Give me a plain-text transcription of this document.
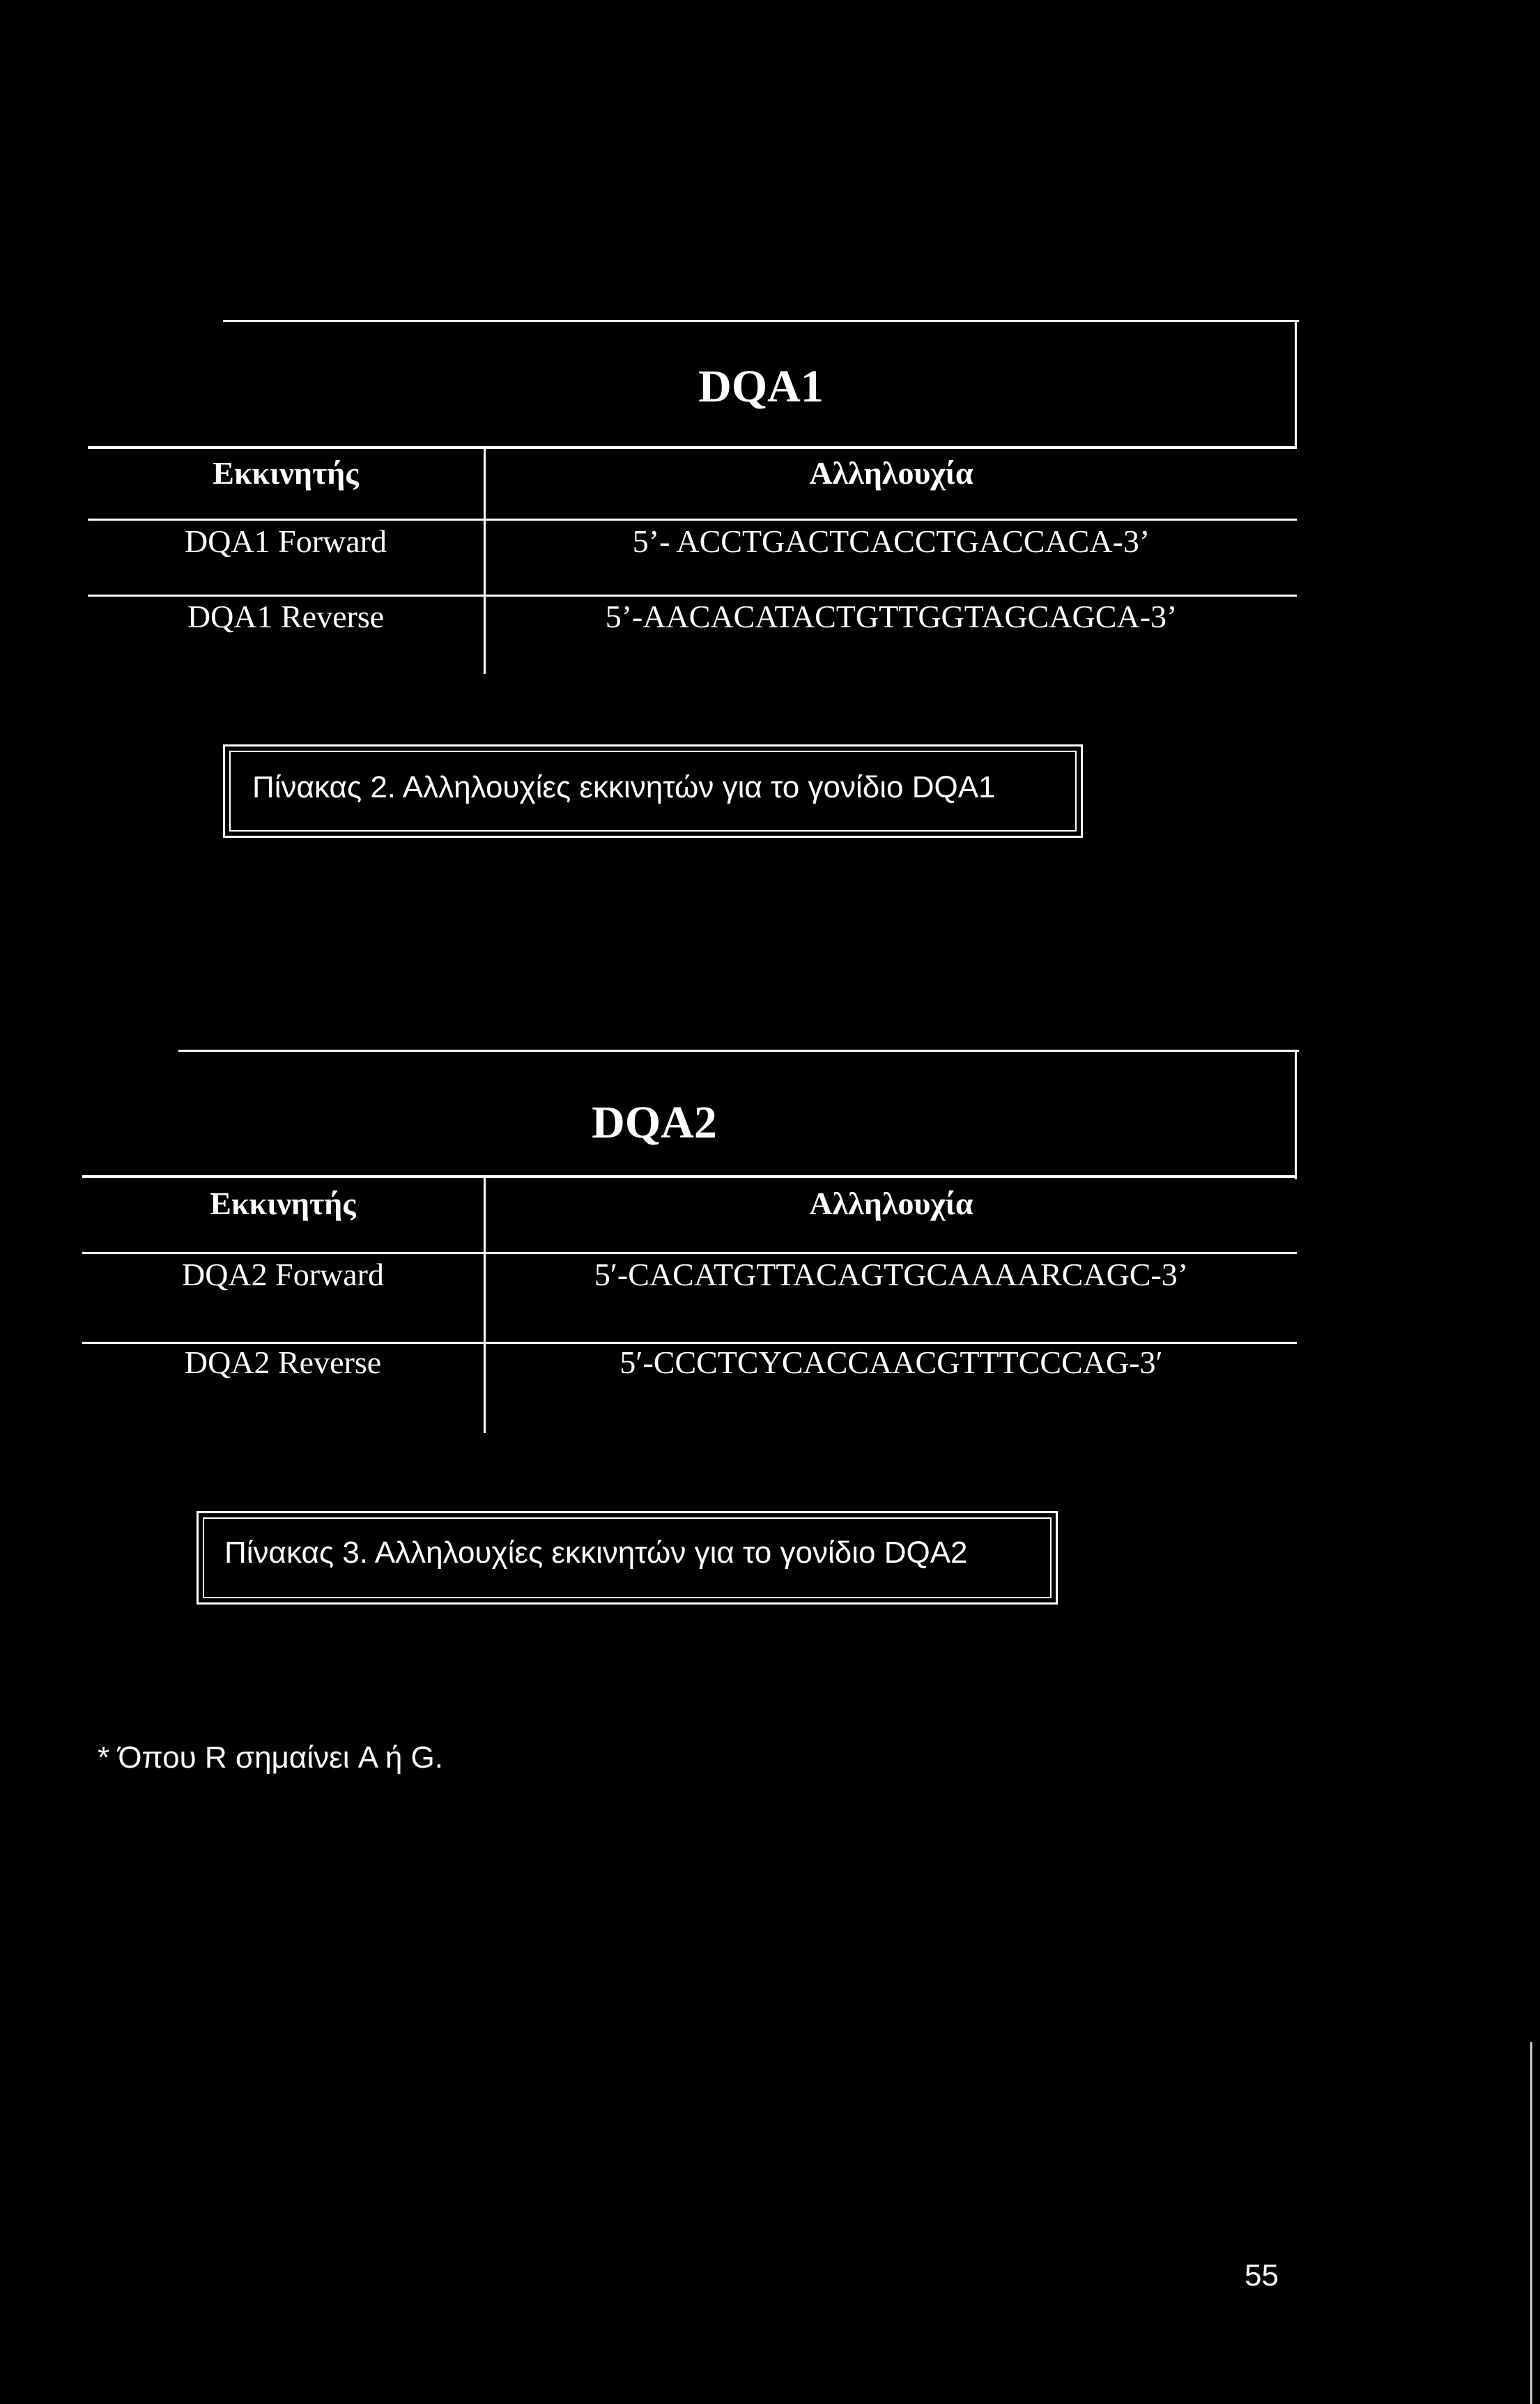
DQA1
Εκκινητής	Αλληλουχία
DQA1 Forward	5’- ACCTGACTCACCTGACCACA-3’
DQA1 Reverse	5’-AACACATACTGTTGGTAGCAGCA-3’
Πίνακας 2. Αλληλουχίες εκκινητών για το γονίδιο DQA1
DQA2
Εκκινητής	Αλληλουχία
DQA2 Forward	5′-CACATGTTACAGTGCAAAARCAGC-3’
DQA2 Reverse	5′-CCCTCYCACCAACGTTTCCCAG-3′
Πίνακας 3. Αλληλουχίες εκκινητών για το γονίδιο DQA2
* Όπου R σημαίνει A ή G.
55
